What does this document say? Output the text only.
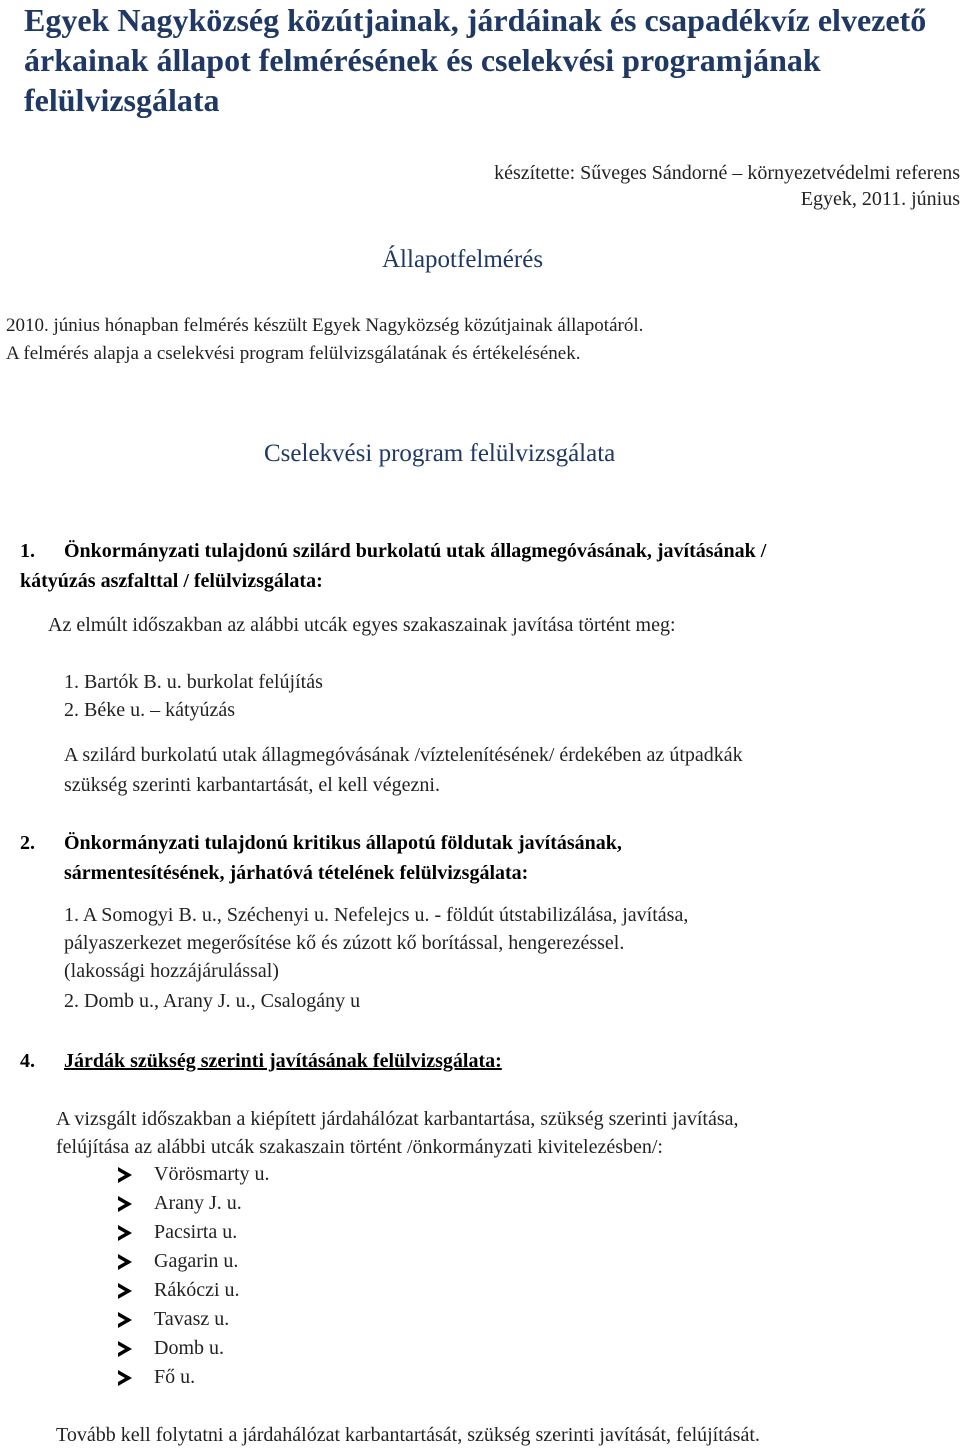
Egyek Nagyközség közútjainak, járdáinak és csapadékvíz elvezető árkainak állapot felmérésének és cselekvési programjának felülvizsgálata
készítette: Sűveges Sándorné – környezetvédelmi referens
Egyek, 2011. június
Állapotfelmérés
2010. június hónapban felmérés készült Egyek Nagyközség közútjainak állapotáról.
A felmérés alapja a cselekvési program felülvizsgálatának és értékelésének.
Cselekvési program felülvizsgálata
1. Önkormányzati tulajdonú szilárd burkolatú utak állagmegóvásának, javításának /
kátyúzás aszfalttal / felülvizsgálata:
Az elmúlt időszakban az alábbi utcák egyes szakaszainak javítása történt meg:
1. Bartók B. u. burkolat felújítás
2. Béke u. – kátyúzás
A szilárd burkolatú utak állagmegóvásának /víztelenítésének/ érdekében az útpadkák
szükség szerinti karbantartását, el kell végezni.
2. Önkormányzati tulajdonú kritikus állapotú földutak javításának,
sármentesítésének, járhatóvá tételének felülvizsgálata:
1. A Somogyi B. u., Széchenyi u. Nefelejcs u. - földút útstabilizálása, javítása,
pályaszerkezet megerősítése kő és zúzott kő borítással, hengerezéssel.
(lakossági hozzájárulással)
2. Domb u., Arany J. u., Csalogány u
4. Járdák szükség szerinti javításának felülvizsgálata:
A vizsgált időszakban a kiépített járdahálózat karbantartása, szükség szerinti javítása,
felújítása az alábbi utcák szakaszain történt /önkormányzati kivitelezésben/:
Vörösmarty u.
Arany J. u.
Pacsirta u.
Gagarin u.
Rákóczi u.
Tavasz u.
Domb u.
Fő u.
Tovább kell folytatni a járdahálózat karbantartását, szükség szerinti javítását, felújítását.
